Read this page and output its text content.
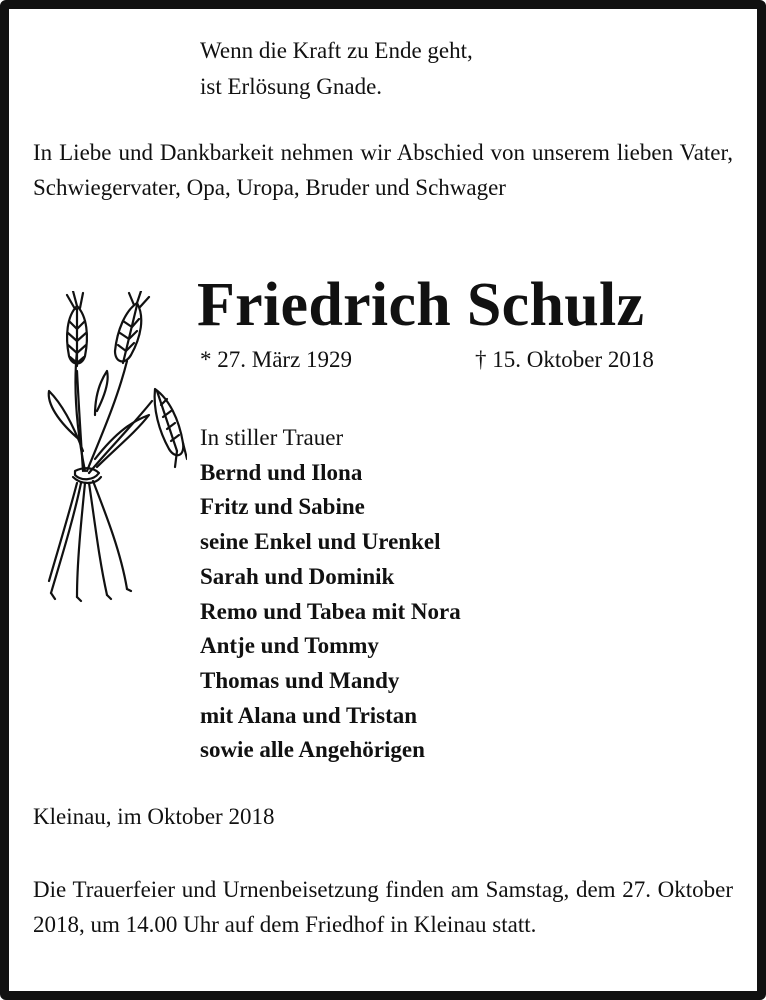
Wenn die Kraft zu Ende geht,
ist Erlösung Gnade.
In Liebe und Dankbarkeit nehmen wir Abschied von unserem lieben Vater, Schwiegervater, Opa, Uropa, Bruder und Schwager
Friedrich Schulz
* 27. März 1929	† 15. Oktober 2018
In stiller Trauer
Bernd und Ilona
Fritz und Sabine
seine Enkel und Urenkel
Sarah und Dominik
Remo und Tabea mit Nora
Antje und Tommy
Thomas und Mandy
mit Alana und Tristan
sowie alle Angehörigen
Kleinau, im Oktober 2018
Die Trauerfeier und Urnenbeisetzung finden am Samstag, dem 27. Oktober 2018, um 14.00 Uhr auf dem Friedhof in Kleinau statt.
